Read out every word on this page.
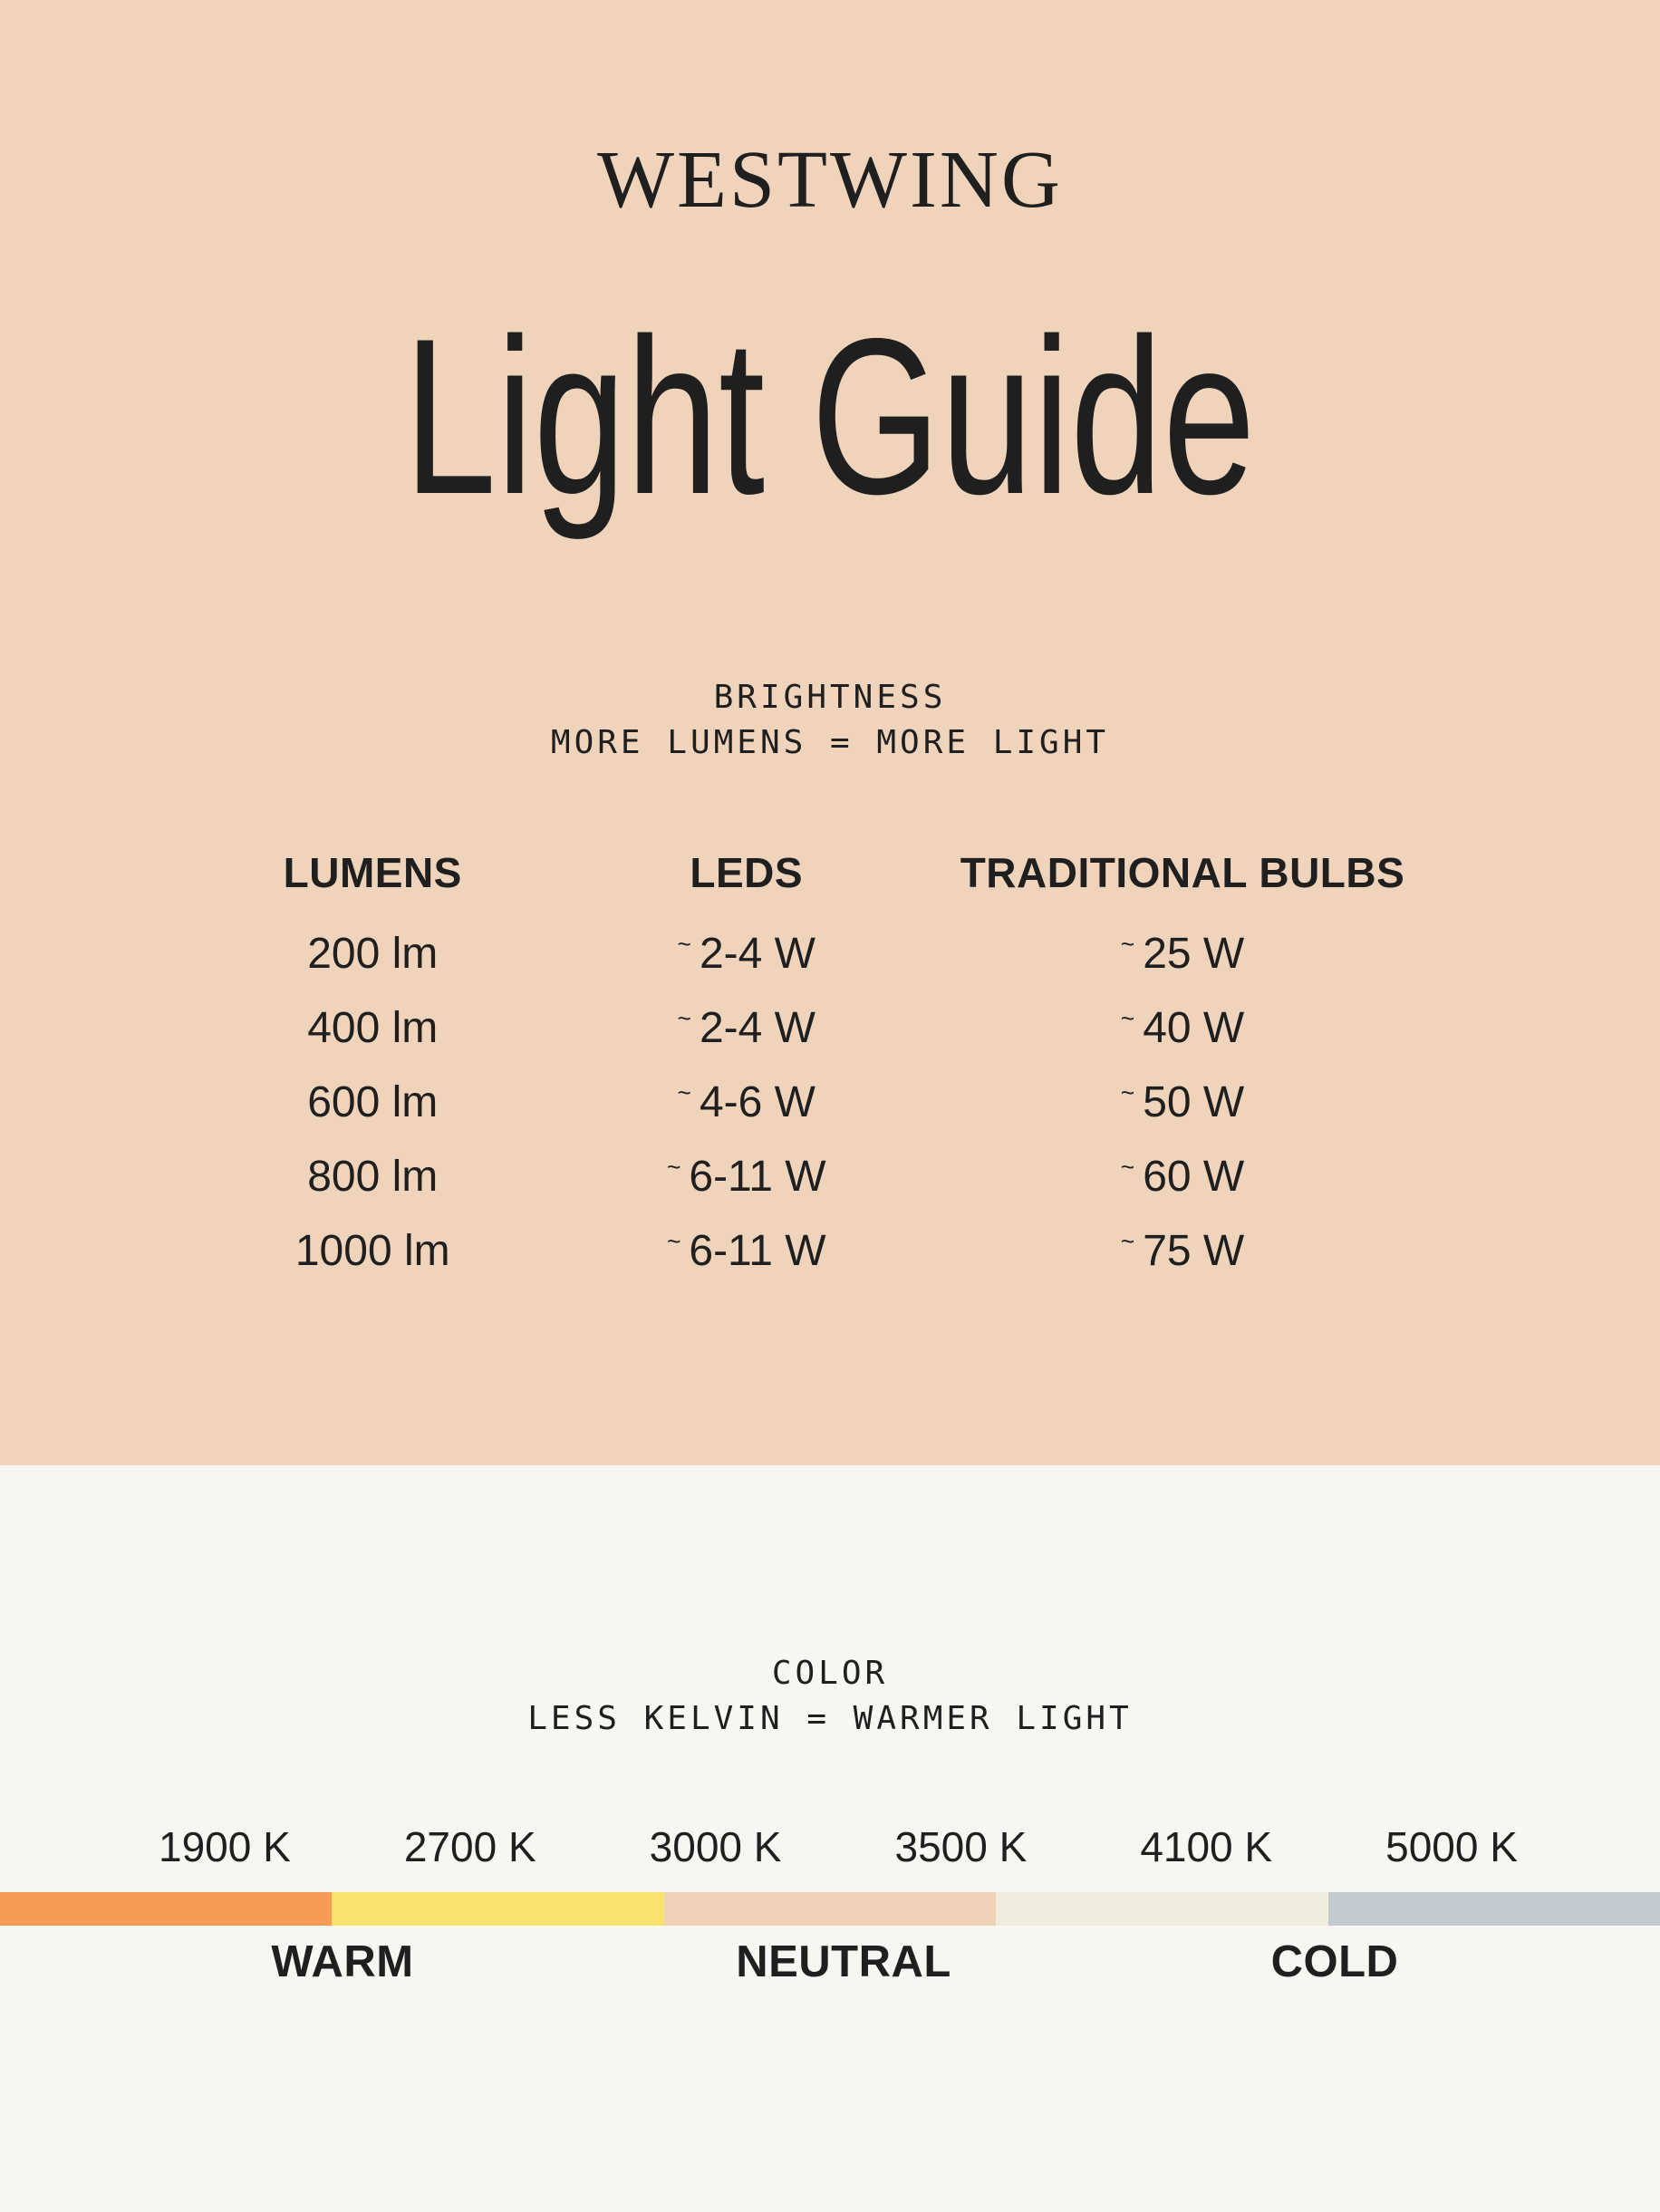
WESTWING
Light Guide
BRIGHTNESS
MORE LUMENS = MORE LIGHT
LUMENS	LEDS	TRADITIONAL BULBS
200 lm	~ 2-4 W	~ 25 W
400 lm	~ 2-4 W	~ 40 W
600 lm	~ 4-6 W	~ 50 W
800 lm	~ 6-11 W	~ 60 W
1000 lm	~ 6-11 W	~ 75 W
COLOR
LESS KELVIN = WARMER LIGHT
1900 K	2700 K	3000 K	3500 K	4100 K	5000 K
WARM	NEUTRAL	COLD
